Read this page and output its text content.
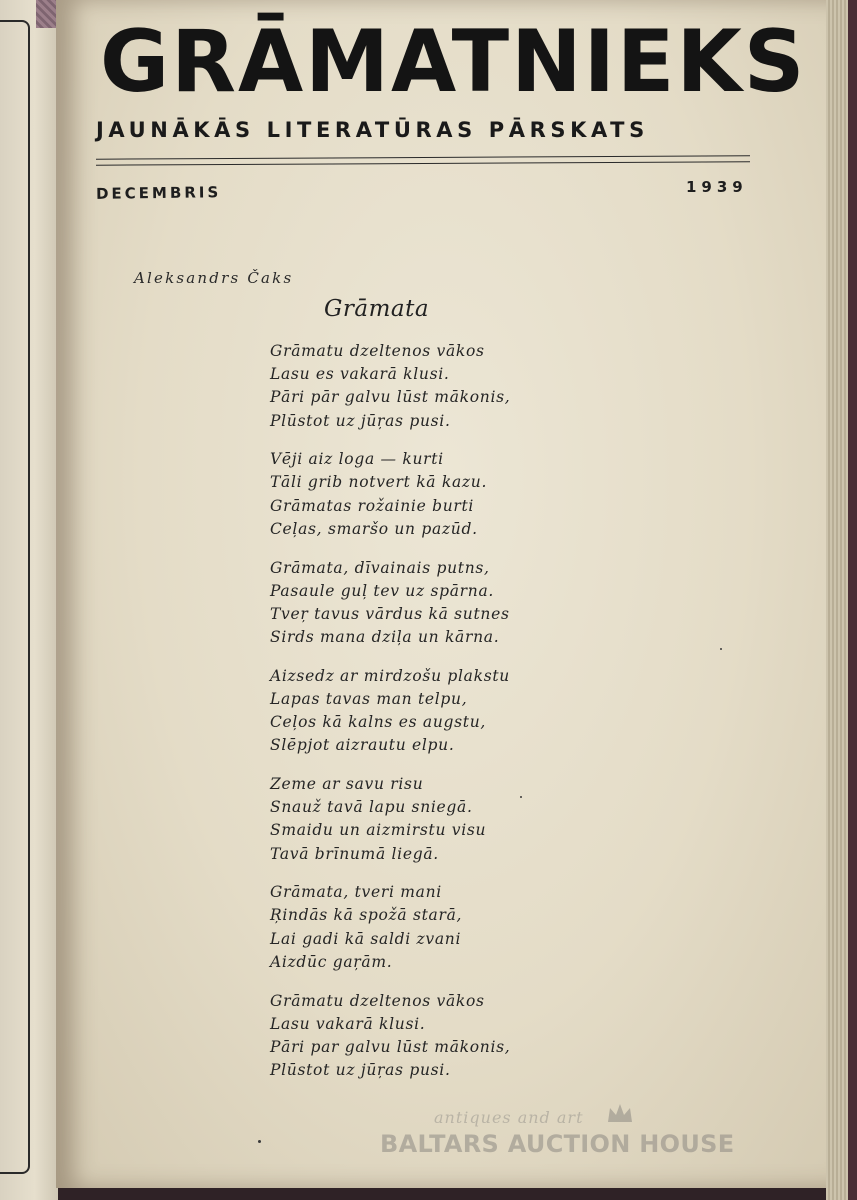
GRĀMATNIEKS
JAUNĀKĀS LITERATŪRAS PĀRSKATS
DECEMBRIS	1939
Aleksandrs Čaks
Grāmata
Grāmatu dzeltenos vākos
Lasu es vakarā klusi.
Pāri pār galvu lūst mākonis,
Plūstot uz jūŗas pusi.
Vēji aiz loga — kurti
Tāli grib notvert kā kazu.
Grāmatas rožainie burti
Ceļas, smaršo un pazūd.
Grāmata, dīvainais putns,
Pasaule guļ tev uz spārna.
Tveŗ tavus vārdus kā sutnes
Sirds mana dziļa un kārna.
Aizsedz ar mirdzošu plakstu
Lapas tavas man telpu,
Ceļos kā kalns es augstu,
Slēpjot aizrautu elpu.
Zeme ar savu risu
Snauž tavā lapu sniegā.
Smaidu un aizmirstu visu
Tavā brīnumā liegā.
Grāmata, tveri mani
Ŗindās kā spožā starā,
Lai gadi kā saldi zvani
Aizdūc gaŗām.
Grāmatu dzeltenos vākos
Lasu vakarā klusi.
Pāri par galvu lūst mākonis,
Plūstot uz jūŗas pusi.
antiques and art
BALTARS AUCTION HOUSE
